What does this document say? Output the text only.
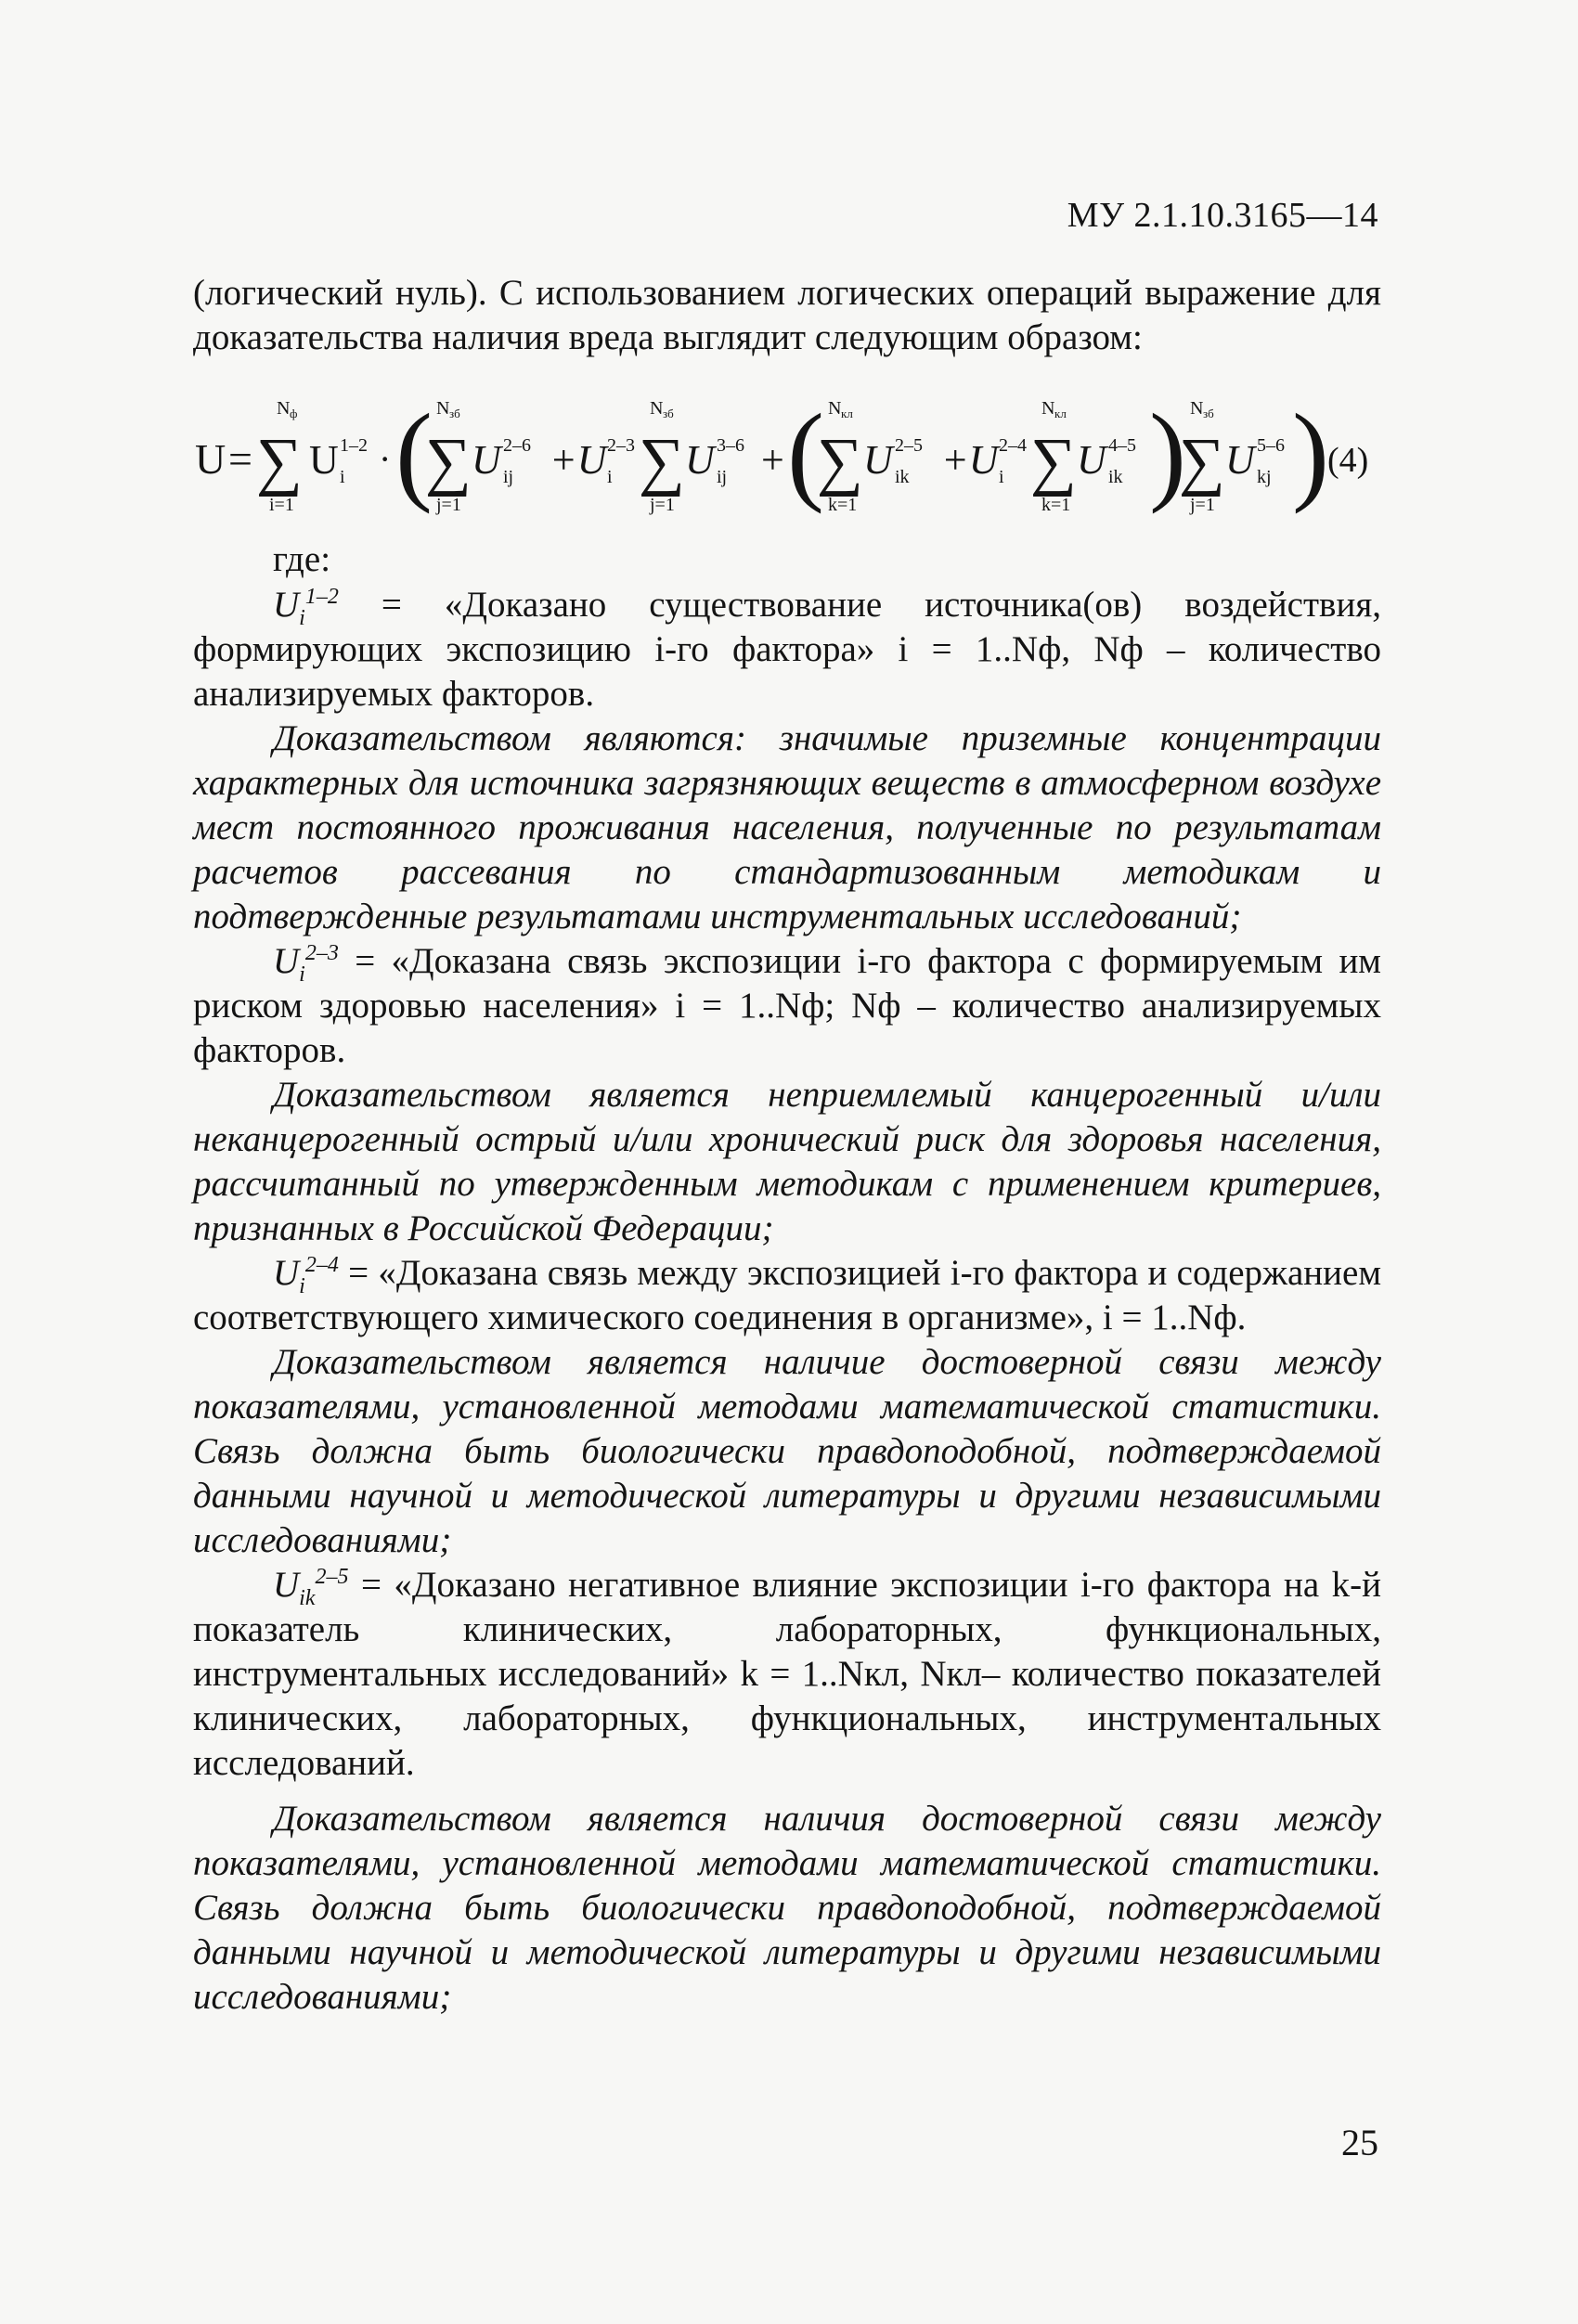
МУ 2.1.10.3165—14

(логический нуль). С использованием логических операций выражение для доказательства наличия вреда выглядит следующим образом:

U = ∑
N ф
i=1
U 1–2
i · (
∑
N зб
j=1
U 2–6
ij +U 2–3
i ∑
N зб
j=1
U 3–6
ij + (
∑
N кл
k=1
U 2–5
ik +U 2–4
i ∑
N кл
k=1
U 4–5
ik )
∑
N зб
j=1
U 5–6
kj )
(4)
где:

$U_i^{1-2}$ = «Доказано существование источника(ов) воздействия, формирующих экспозицию i-го фактора» i = 1..Nф, Nф – количество анализируемых факторов.

Доказательством являются: значимые приземные концентрации характерных для источника загрязняющих веществ в атмосферном воздухе мест постоянного проживания населения, полученные по результатам расчетов рассевания по стандартизованным методикам и подтвержденные результатами инструментальных исследований;

$U_i^{2-3}$ = «Доказана связь экспозиции i-го фактора с формируемым им риском здоровью населения» i = 1..Nф; Nф – количество анализируемых факторов.

Доказательством является неприемлемый канцерогенный и/или неканцерогенный острый и/или хронический риск для здоровья населения, рассчитанный по утвержденным методикам с применением критериев, признанных в Российской Федерации;

$U_i^{2-4}$ = «Доказана связь между экспозицией i-го фактора и содержанием соответствующего химического соединения в организме», i = 1..Nф.

Доказательством является наличие достоверной связи между показателями, установленной методами математической статистики. Связь должна быть биологически правдоподобной, подтверждаемой данными научной и методической литературы и другими независимыми исследованиями;

$U_{ik}^{2-5}$ = «Доказано негативное влияние экспозиции i-го фактора на k-й показатель клинических, лабораторных, функциональных, инструментальных исследований» k = 1..Nкл, Nкл– количество показателей клинических, лабораторных, функциональных, инструментальных исследований.

Доказательством является наличия достоверной связи между показателями, установленной методами математической статистики. Связь должна быть биологически правдоподобной, подтверждаемой данными научной и методической литературы и другими независимыми исследованиями;

25
